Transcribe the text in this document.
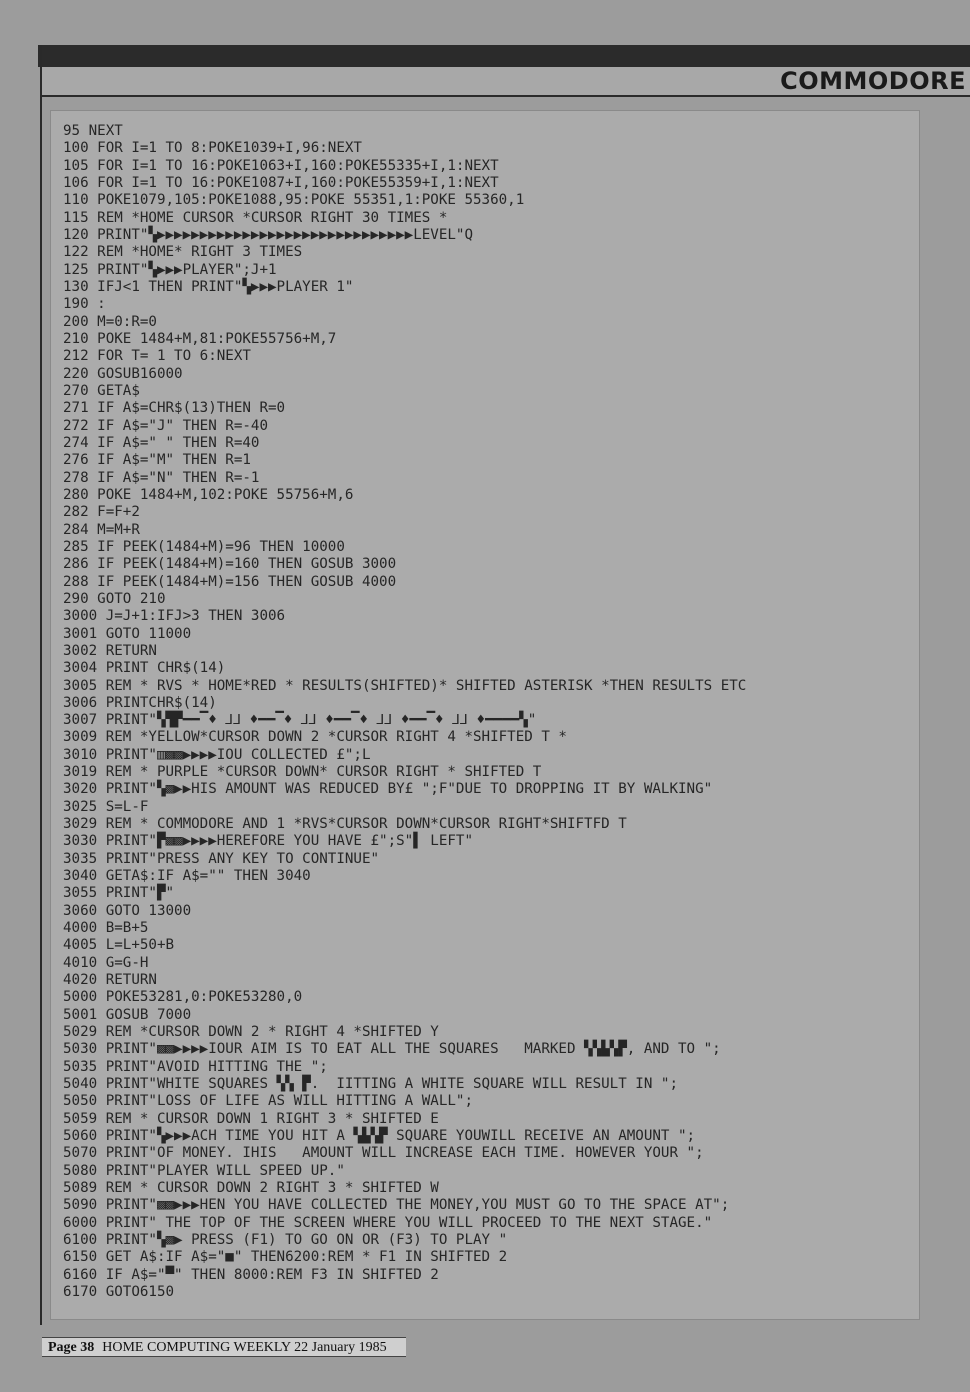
COMMODORE
95 NEXT
100 FOR I=1 TO 8:POKE1039+I,96:NEXT
105 FOR I=1 TO 16:POKE1063+I,160:POKE55335+I,1:NEXT
106 FOR I=1 TO 16:POKE1087+I,160:POKE55359+I,1:NEXT
110 POKE1079,105:POKE1088,95:POKE 55351,1:POKE 55360,1
115 REM *HOME CURSOR *CURSOR RIGHT 30 TIMES *
120 PRINT"▚▶▶▶▶▶▶▶▶▶▶▶▶▶▶▶▶▶▶▶▶▶▶▶▶▶▶▶▶▶▶LEVEL"Q
122 REM *HOME* RIGHT 3 TIMES
125 PRINT"▚▶▶▶PLAYER";J+1
130 IFJ<1 THEN PRINT"▚▶▶▶PLAYER 1"
190 :
200 M=0:R=0
210 POKE 1484+M,81:POKE55756+M,7
212 FOR T= 1 TO 6:NEXT
220 GOSUB16000
270 GETA$
271 IF A$=CHR$(13)THEN R=0
272 IF A$="J" THEN R=-40
274 IF A$=" " THEN R=40
276 IF A$="M" THEN R=1
278 IF A$="N" THEN R=-1
280 POKE 1484+M,102:POKE 55756+M,6
282 F=F+2
284 M=M+R
285 IF PEEK(1484+M)=96 THEN 10000
286 IF PEEK(1484+M)=160 THEN GOSUB 3000
288 IF PEEK(1484+M)=156 THEN GOSUB 4000
290 GOTO 210
3000 J=J+1:IFJ>3 THEN 3006
3001 GOTO 11000
3002 RETURN
3004 PRINT CHR$(14)
3005 REM * RVS * HOME*RED * RESULTS(SHIFTED)* SHIFTED ASTERISK *THEN RESULTS ETC
3006 PRINTCHR$(14)
3007 PRINT"▚▜▛━━▔♦ ⅃⅃ ♦━━▔♦ ⅃⅃ ♦━━▔♦ ⅃⅃ ♦━━▔♦ ⅃⅃ ♦━━━━▚"
3009 REM *YELLOW*CURSOR DOWN 2 *CURSOR RIGHT 4 *SHIFTED T *
3010 PRINT"▥▩▩▶▶▶▶IOU COLLECTED £";L
3019 REM * PURPLE *CURSOR DOWN* CURSOR RIGHT * SHIFTED T
3020 PRINT"▚▩▶▶HIS AMOUNT WAS REDUCED BY£ ";F"DUE TO DROPPING IT BY WALKING"
3025 S=L-F
3029 REM * COMMODORE AND 1 *RVS*CURSOR DOWN*CURSOR RIGHT*SHIFTFD T
3030 PRINT"▛▩▩▶▶▶▶HEREFORE YOU HAVE £";S"▌ LEFT"
3035 PRINT"PRESS ANY KEY TO CONTINUE"
3040 GETA$:IF A$="" THEN 3040
3055 PRINT"▛"
3060 GOTO 13000
4000 B=B+5
4005 L=L+50+B
4010 G=G-H
4020 RETURN
5000 POKE53281,0:POKE53280,0
5001 GOSUB 7000
5029 REM *CURSOR DOWN 2 * RIGHT 4 *SHIFTED Y
5030 PRINT"▩▩▶▶▶▶IOUR AIM IS TO EAT ALL THE SQUARES   MARKED ▚▚▙▚▛, AND TO ";
5035 PRINT"AVOID HITTING THE ";
5040 PRINT"WHITE SQUARES ▚▚ ▛.  IITTING A WHITE SQUARE WILL RESULT IN ";
5050 PRINT"LOSS OF LIFE AS WILL HITTING A WALL";
5059 REM * CURSOR DOWN 1 RIGHT 3 * SHIFTED E
5060 PRINT"▚▶▶▶ACH TIME YOU HIT A ▚▙▚▛ SQUARE YOUWILL RECEIVE AN AMOUNT ";
5070 PRINT"OF MONEY. IHIS   AMOUNT WILL INCREASE EACH TIME. HOWEVER YOUR ";
5080 PRINT"PLAYER WILL SPEED UP."
5089 REM * CURSOR DOWN 2 RIGHT 3 * SHIFTED W
5090 PRINT"▩▩▶▶▶HEN YOU HAVE COLLECTED THE MONEY,YOU MUST GO TO THE SPACE AT";
6000 PRINT" THE TOP OF THE SCREEN WHERE YOU WILL PROCEED TO THE NEXT STAGE."
6100 PRINT"▚▩▶ PRESS (F1) TO GO ON OR (F3) TO PLAY "
6150 GET A$:IF A$="■" THEN6200:REM * F1 IN SHIFTED 2
6160 IF A$="▀" THEN 8000:REM F3 IN SHIFTED 2
6170 GOTO6150
Page 38 HOME COMPUTING WEEKLY 22 January 1985
